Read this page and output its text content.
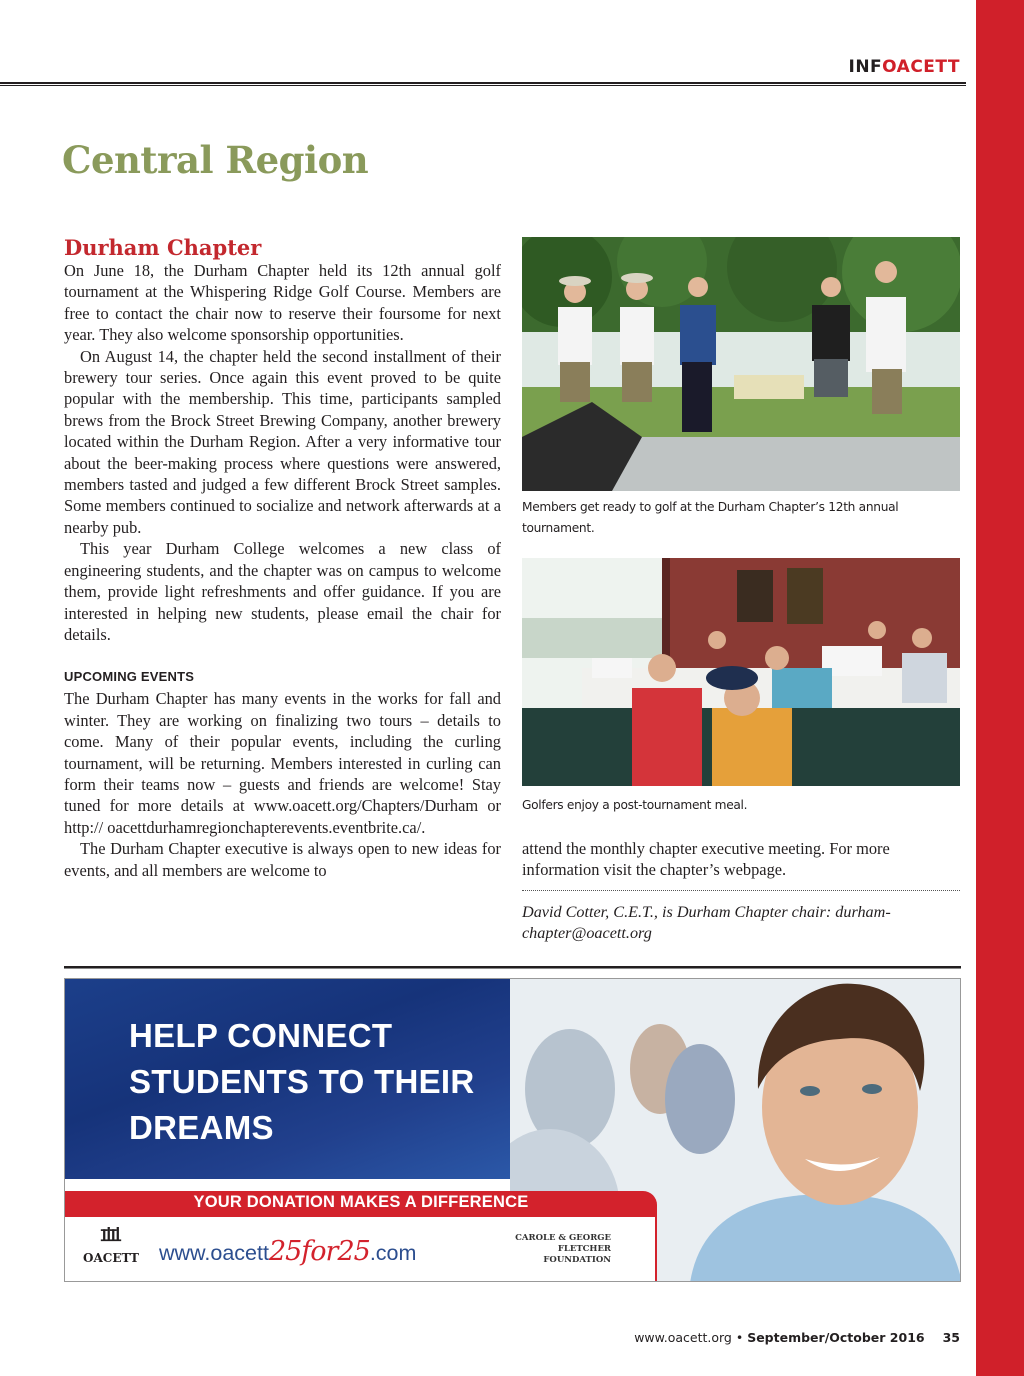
INFOACETT
Central Region
Durham Chapter

On June 18, the Durham Chapter held its 12th annual golf tournament at the Whispering Ridge Golf Course. Members are free to contact the chair now to reserve their foursome for next year. They also welcome sponsorship opportunities.

On August 14, the chapter held the second installment of their brewery tour series. Once again this event proved to be quite popular with the membership. This time, participants sampled brews from the Brock Street Brewing Company, another brewery located within the Durham Region. After a very informative tour about the beer-making process where questions were answered, members tasted and judged a few different Brock Street samples. Some members continued to socialize and network afterwards at a nearby pub.

This year Durham College welcomes a new class of engineering students, and the chapter was on campus to welcome them, provide light refreshments and offer guidance. If you are interested in helping new students, please email the chair for details.

UPCOMING EVENTS

The Durham Chapter has many events in the works for fall and winter. They are working on finalizing two tours – details to come. Many of their popular events, including the curling tournament, will be returning. Members interested in curling can form their teams now – guests and friends are welcome! Stay tuned for more details at www.oacett.org/Chapters/Durham or http:// oacettdurhamregionchapterevents.eventbrite.ca/.

The Durham Chapter executive is always open to new ideas for events, and all members are welcome to

Members get ready to golf at the Durham Chapter’s 12th annual tournament.
Golfers enjoy a post-tournament meal.
attend the monthly chapter executive meeting. For more information visit the chapter’s webpage.
David Cotter, C.E.T., is Durham Chapter chair: durham-chapter@oacett.org
HELP CONNECT STUDENTS TO THEIR DREAMS
YOUR DONATION MAKES A DIFFERENCE
OACETT www.oacett25for25.com
CAROLE & GEORGE FLETCHER FOUNDATION
www.oacett.org • September/October 2016 35
